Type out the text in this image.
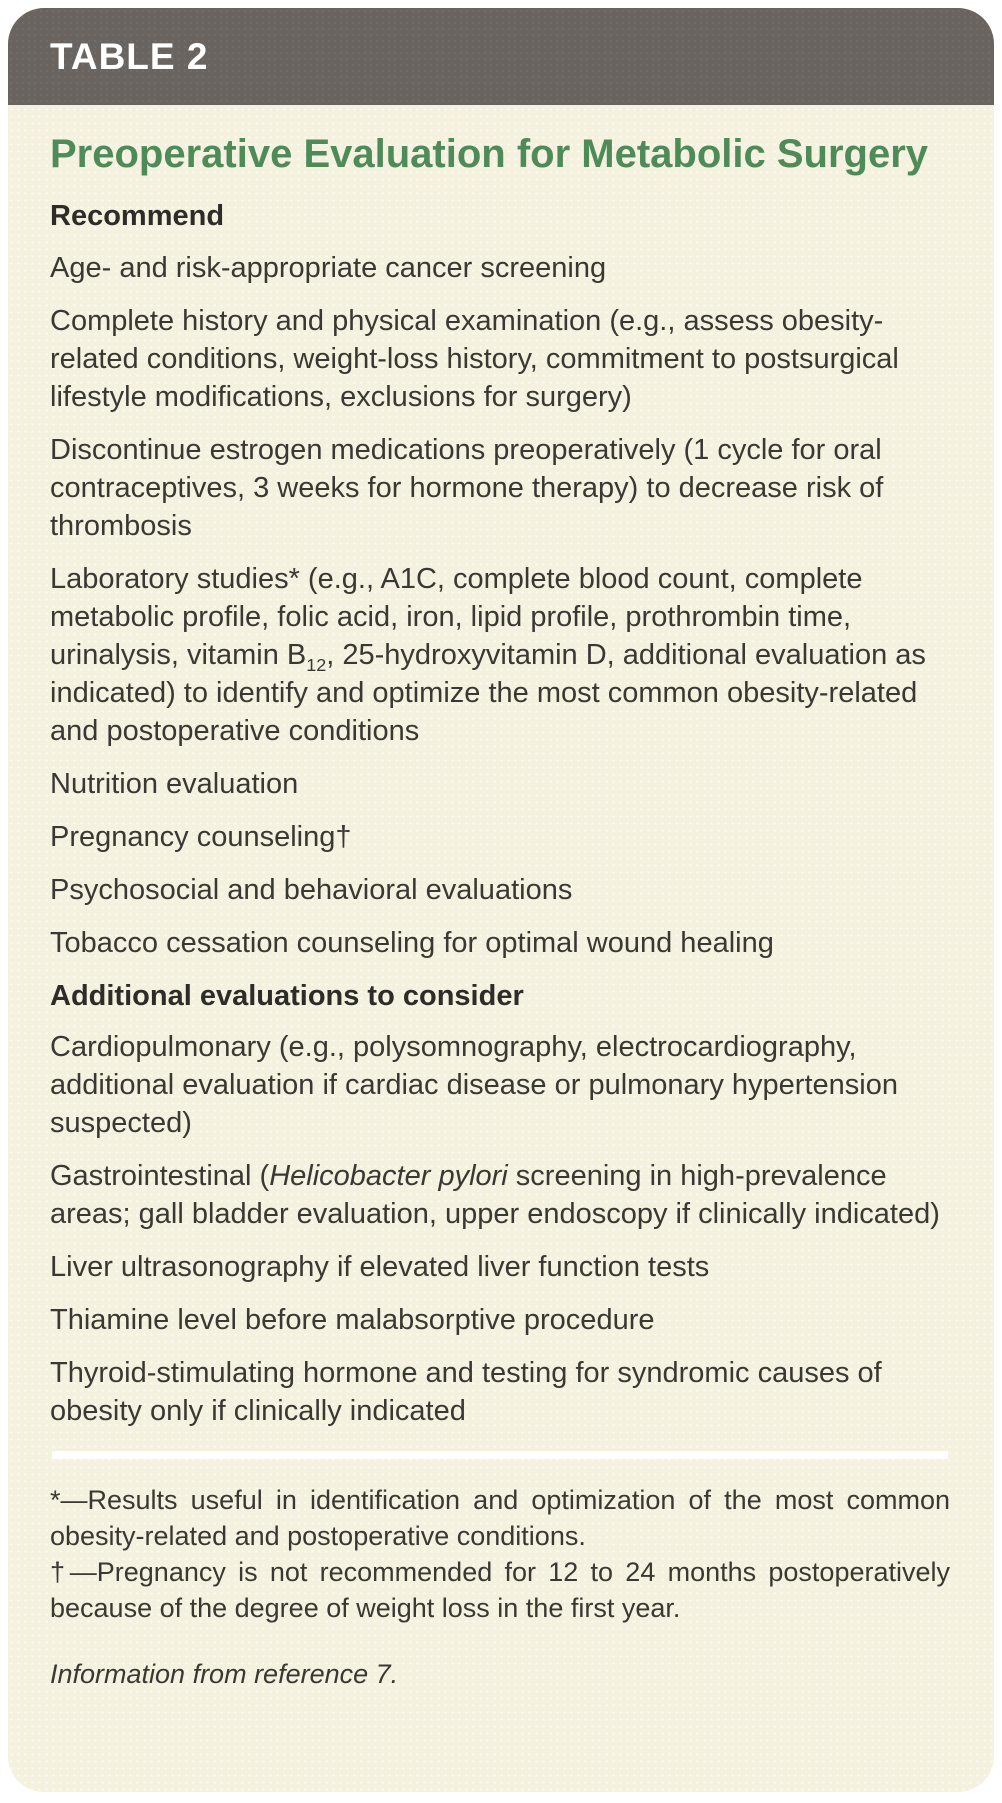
TABLE 2
Preoperative Evaluation for Metabolic Surgery
Recommend
Age- and risk-appropriate cancer screening
Complete history and physical examination (e.g., assess obesity-related conditions, weight-loss history, commitment to postsurgical lifestyle modifications, exclusions for surgery)
Discontinue estrogen medications preoperatively (1 cycle for oral contraceptives, 3 weeks for hormone therapy) to decrease risk of thrombosis
Laboratory studies* (e.g., A1C, complete blood count, complete metabolic profile, folic acid, iron, lipid profile, prothrombin time, urinalysis, vitamin $B_{12}$, 25-hydroxyvitamin D, additional evaluation as indicated) to identify and optimize the most common obesity-related and postoperative conditions
Nutrition evaluation
Pregnancy counseling†
Psychosocial and behavioral evaluations
Tobacco cessation counseling for optimal wound healing
Additional evaluations to consider
Cardiopulmonary (e.g., polysomnography, electrocardiography, additional evaluation if cardiac disease or pulmonary hypertension suspected)
Gastrointestinal (Helicobacter pylori screening in high-prevalence areas; gall bladder evaluation, upper endoscopy if clinically indicated)
Liver ultrasonography if elevated liver function tests
Thiamine level before malabsorptive procedure
Thyroid-stimulating hormone and testing for syndromic causes of obesity only if clinically indicated

*—Results useful in identification and optimization of the most common obesity-related and postoperative conditions.

†—Pregnancy is not recommended for 12 to 24 months postoperatively because of the degree of weight loss in the first year.

Information from reference 7.
